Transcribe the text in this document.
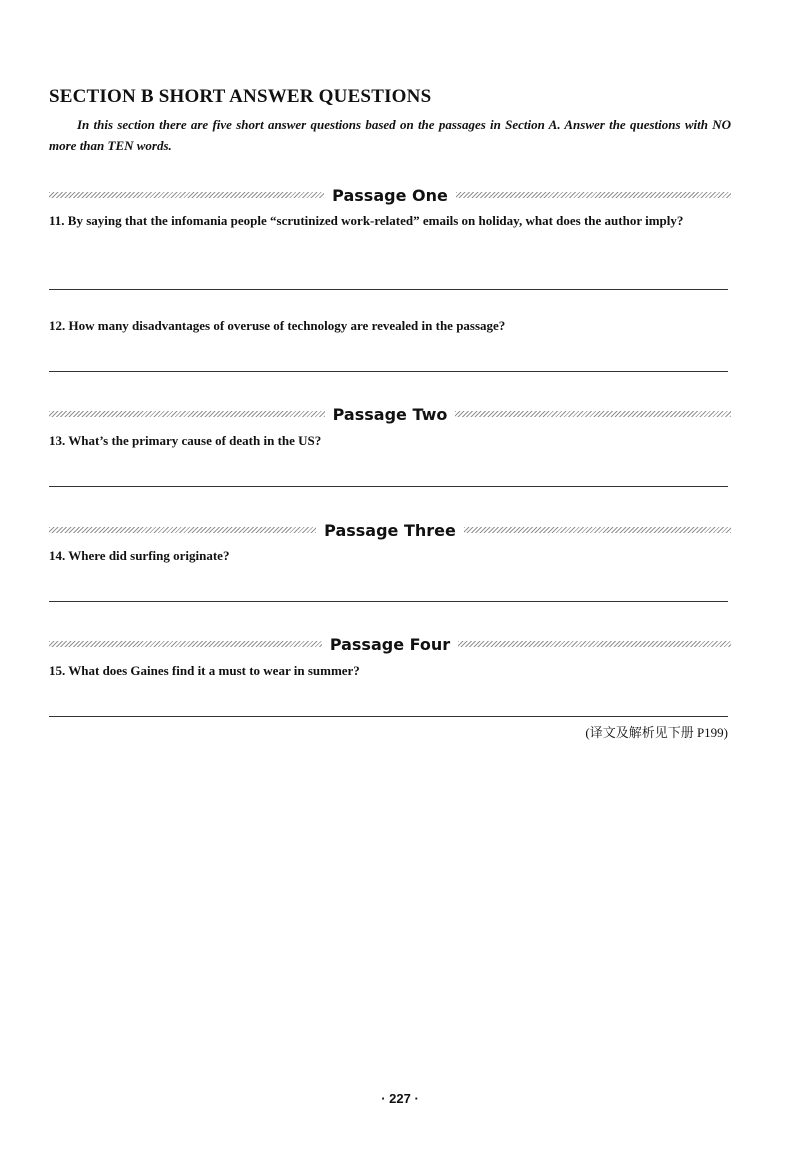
SECTION B SHORT ANSWER QUESTIONS

In this section there are five short answer questions based on the passages in Section A. Answer the questions with NO more than TEN words.

Passage One

11. By saying that the infomania people “scrutinized work-related” emails on holiday, what does the author imply?

12. How many disadvantages of overuse of technology are revealed in the passage?

Passage Two

13. What’s the primary cause of death in the US?

Passage Three

14. Where did surfing originate?

Passage Four

15. What does Gaines find it a must to wear in summer?

(译文及解析见下册 P199)
· 227 ·
